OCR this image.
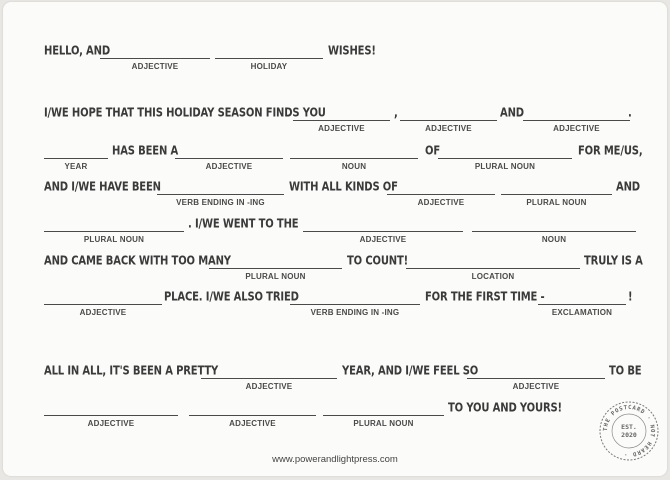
HELLO, AND
ADJECTIVE	HOLIDAY
WISHES!
I/WE HOPE THAT THIS HOLIDAY SEASON FINDS YOU
ADJECTIVE
,
ADJECTIVE
AND
ADJECTIVE
.
YEAR
HAS BEEN A
ADJECTIVE	NOUN
OF
PLURAL NOUN
FOR ME/US,
AND I/WE HAVE BEEN
VERB ENDING IN -ING
WITH ALL KINDS OF
ADJECTIVE	PLURAL NOUN
AND
PLURAL NOUN
. I/WE WENT TO THE
ADJECTIVE	NOUN
AND CAME BACK WITH TOO MANY
PLURAL NOUN
TO COUNT!
LOCATION
TRULY IS A
ADJECTIVE
PLACE. I/WE ALSO TRIED
VERB ENDING IN -ING
FOR THE FIRST TIME -
EXCLAMATION
!
ALL IN ALL, IT'S BEEN A PRETTY
ADJECTIVE
YEAR, AND I/WE FEEL SO
ADJECTIVE
TO BE
ADJECTIVE	ADJECTIVE	PLURAL NOUN
TO YOU AND YOURS!
www.powerandlightpress.com
THE POSTCARD · NOT HEARD ·
EST.
2020
